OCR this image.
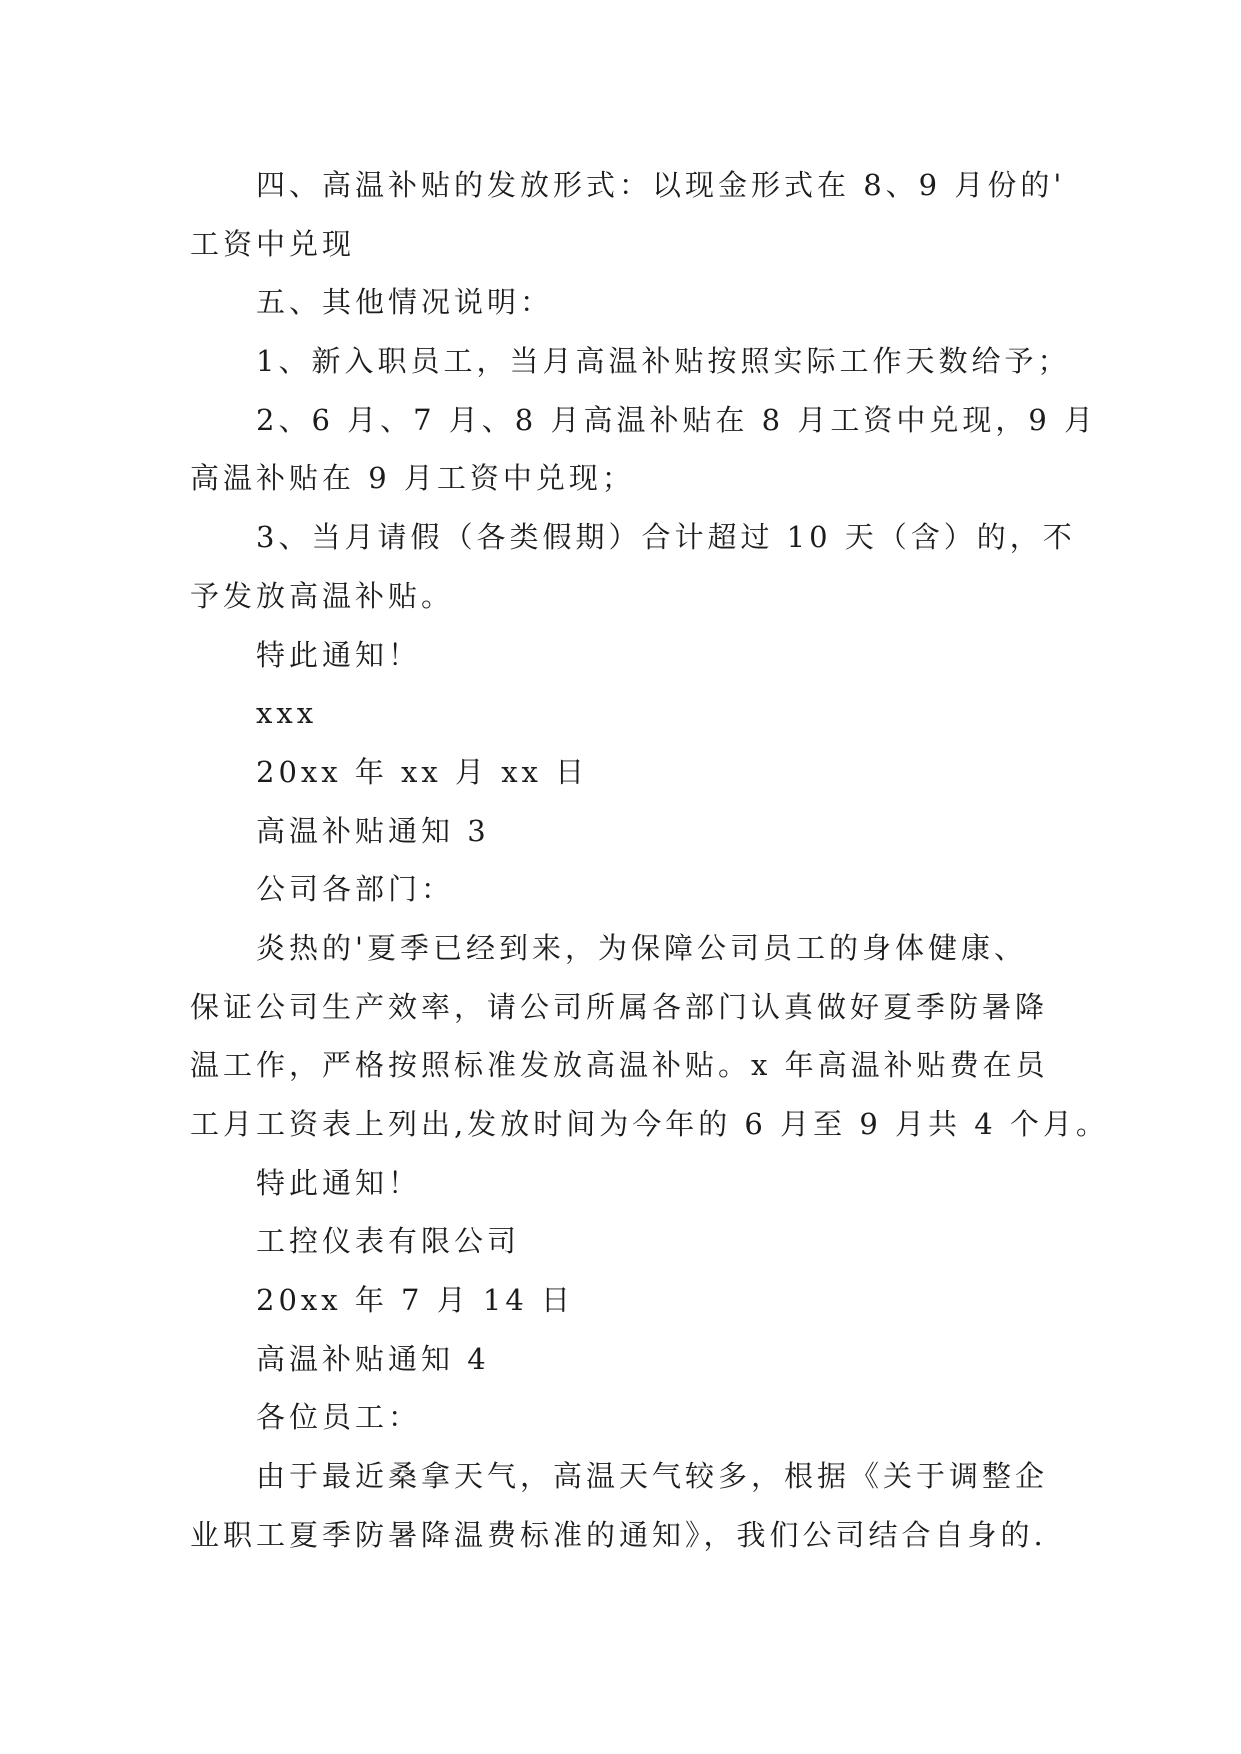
四、高温补贴的发放形式：以现金形式在 8、9 月份的'
工资中兑现
五、其他情况说明：
1、新入职员工，当月高温补贴按照实际工作天数给予；
2、6 月、7 月、8 月高温补贴在 8 月工资中兑现，9 月
高温补贴在 9 月工资中兑现；
3、当月请假（各类假期）合计超过 10 天（含）的，不
予发放高温补贴。
特此通知！
xxx
20xx 年 xx 月 xx 日
高温补贴通知 3
公司各部门：
炎热的'夏季已经到来，为保障公司员工的身体健康、
保证公司生产效率，请公司所属各部门认真做好夏季防暑降
温工作，严格按照标准发放高温补贴。x 年高温补贴费在员
工月工资表上列出,发放时间为今年的 6 月至 9 月共 4 个月。
特此通知！
工控仪表有限公司
20xx 年 7 月 14 日
高温补贴通知 4
各位员工：
由于最近桑拿天气，高温天气较多，根据《关于调整企
业职工夏季防暑降温费标准的通知》，我们公司结合自身的.
